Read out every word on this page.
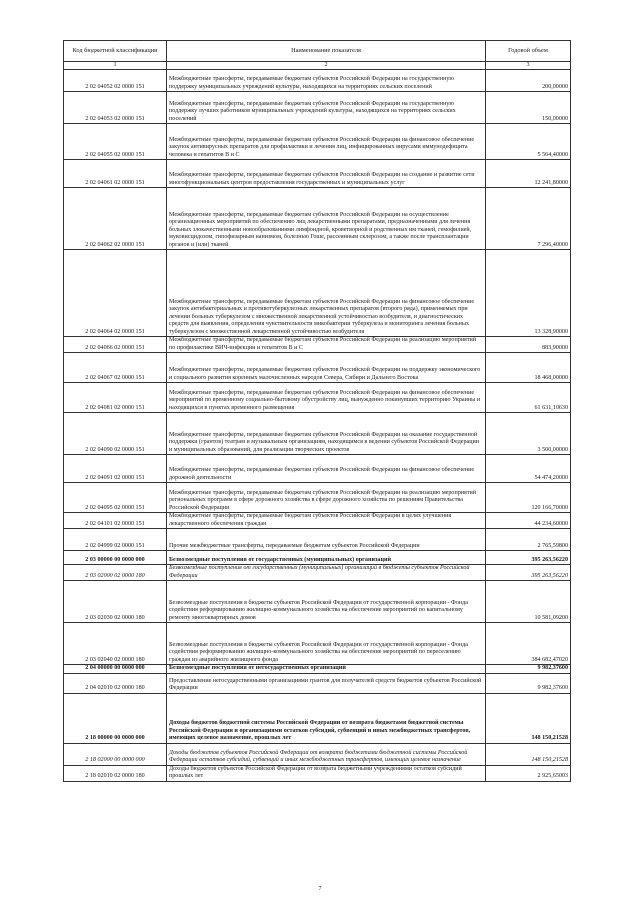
Код бюджетной классификации	Наименование показателя	Годовой объем
1	2	3
2 02 04052 02 0000 151	Межбюджетные трансферты, передаваемые бюджетам субъектов Российской Федерации на государственную поддержку муниципальных учреждений культуры, находящихся на территориях сельских поселений	200,00000
2 02 04053 02 0000 151	Межбюджетные трансферты, передаваемые бюджетам субъектов Российской Федерации на государственную поддержку лучших работников муниципальных учреждений культуры, находящихся на территориях сельских поселений	150,00000
2 02 04055 02 0000 151	Межбюджетные трансферты, передаваемые бюджетам субъектов Российской Федерации на финансовое обеспечение закупок антивирусных препаратов для профилактики и лечения лиц, инфицированных вирусами иммунодефицита человека и гепатитов В и С	5 564,40000
2 02 04061 02 0000 151	Межбюджетные трансферты, передаваемые бюджетам субъектов Российской Федерации на создание и развитие сети многофункциональных центров предоставления государственных и муниципальных услуг	12 241,80000
2 02 04062 02 0000 151	Межбюджетные трансферты, передаваемые бюджетам субъектов Российской Федерации на осуществление организационных мероприятий по обеспечению лиц лекарственными препаратами, предназначенными для лечения больных злокачественными новообразованиями лимфоидной, кроветворной и родственных им тканей, гемофилией, муковисцидозом, гипофизарным нанизмом, болезнью Гоше, рассеянным склерозом, а также после трансплантации органов и (или) тканей	7 296,40000
2 02 04064 02 0000 151	Межбюджетные трансферты, передаваемые бюджетам субъектов Российской Федерации на финансовое обеспечение закупок антибактериальных и противотуберкулезных лекарственных препаратов (второго ряда), применяемых при лечении больных туберкулезом с множественной лекарственной устойчивостью возбудителя, и диагностических средств для выявления, определения чувствительности микобактерии туберкулеза и мониторинга лечения больных туберкулезом с множественной лекарственной устойчивостью возбудителя	13 328,90000
2 02 04066 02 0000 151	Межбюджетные трансферты, передаваемые бюджетам субъектов Российской Федерации на реализацию мероприятий по профилактике ВИЧ-инфекции и гепатитов В и С	883,90000
2 02 04067 02 0000 151	Межбюджетные трансферты, передаваемые бюджетам субъектов Российской Федерации на поддержку экономического и социального развития коренных малочисленных народов Севера, Сибири и Дальнего Востока	18 468,00000
2 02 04081 02 0000 151	Межбюджетные трансферты, передаваемые бюджетам субъектов Российской Федерации на финансовое обеспечение мероприятий по временному социально-бытовому обустройству лиц, вынужденно покинувших территорию Украины и находящихся в пунктах временного размещения	61 631,10630
2 02 04090 02 0000 151	Межбюджетные трансферты, передаваемые бюджетам субъектов Российской Федерации на оказание государственной поддержки (грантов) театрам и музыкальным организациям, находящимся в ведении субъектов Российской Федерации и муниципальных образований, для реализации творческих проектов	3 500,00000
2 02 04091 02 0000 151	Межбюджетные трансферты, передаваемые бюджетам субъектов Российской Федерации на финансовое обеспечение дорожной деятельности	54 474,20000
2 02 04095 02 0000 151	Межбюджетные трансферты, передаваемые бюджетам субъектов Российской Федерации на реализацию мероприятий региональных программ в сфере дорожного хозяйства в сфере дорожного хозяйства по решениям Правительства Российской Федерации	120 166,70000
2 02 04101 02 0000 151	Межбюджетные трансферты, передаваемые бюджетам субъектов Российской Федерации в целях улучшения лекарственного обеспечения граждан	44 234,60000
2 02 04999 02 0000 151	Прочие межбюджетные трансферты, передаваемые бюджетам субъектов Российской Федерации	2 765,59800
2 03 00000 00 0000 000	Безвозмездные поступления от государственных (муниципальных) организаций	395 263,56220
2 03 02000 02 0000 180	Безвозмездные поступления от государственных (муниципальных) организаций в бюджеты субъектов Российской Федерации	395 263,56220
2 03 02030 02 0000 180	Безвозмездные поступления в бюджеты субъектов Российской Федерации от государственной корпорации - Фонда содействия реформированию жилищно-коммунального хозяйства на обеспечение мероприятий по капитальному ремонту многоквартирных домов	10 581,09200
2 03 02040 02 0000 180	Безвозмездные поступления в бюджеты субъектов Российской Федерации от государственной корпорации - Фонда содействия реформированию жилищно-коммунального хозяйства на обеспечение мероприятий по переселению граждан из аварийного жилищного фонда	384 682,47020
2 04 00000 00 0000 000	Безвозмездные поступления от негосударственных организаций	9 982,37600
2 04 02010 02 0000 180	Предоставление негосударственными организациями грантов для получателей средств бюджетов субъектов Российской Федерации	9 982,37600
2 18 00000 00 0000 000	Доходы бюджетов бюджетной системы Российской Федерации от возврата бюджетами бюджетной системы Российской Федерации и организациями остатков субсидий, субвенций и иных межбюджетных трансфертов, имеющих целевое назначение, прошлых лет	148 150,21528
2 18 02000 00 0000 000	Доходы бюджетов субъектов Российской Федерации от возврата бюджетами бюджетной системы Российской Федерации остатков субсидий, субвенций и иных межбюджетных трансфертов, имеющих целевое назначение	148 150,21528
2 18 02010 02 0000 180	Доходы бюджетов субъектов Российской Федерации от возврата бюджетными учреждениями остатков субсидий прошлых лет	2 925,65003
7
